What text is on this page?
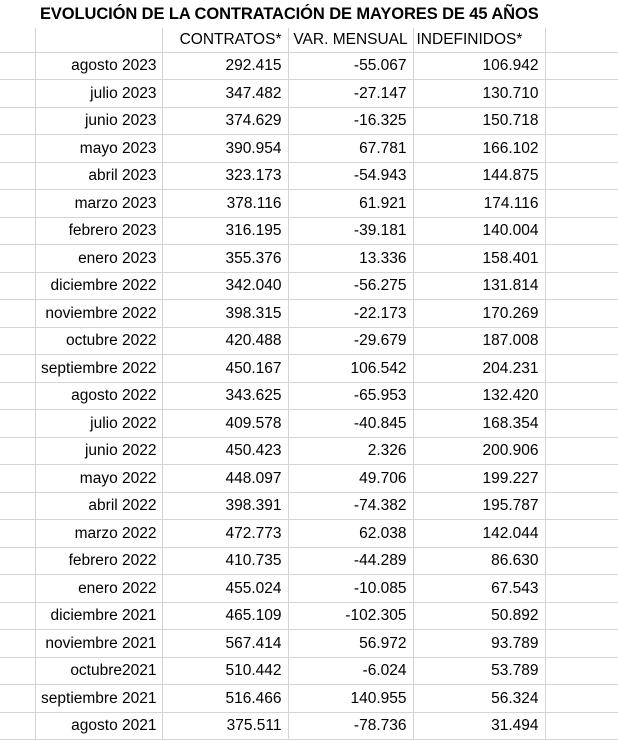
	EVOLUCIÓN DE LA CONTRATACIÓN DE MAYORES DE 45 AÑOS				
		CONTRATOS*	VAR. MENSUAL	INDEFINIDOS*	
	agosto 2023	292.415	-55.067	106.942	
	julio 2023	347.482	-27.147	130.710	
	junio 2023	374.629	-16.325	150.718	
	mayo 2023	390.954	67.781	166.102	
	abril 2023	323.173	-54.943	144.875	
	marzo 2023	378.116	61.921	174.116	
	febrero 2023	316.195	-39.181	140.004	
	enero 2023	355.376	13.336	158.401	
	diciembre 2022	342.040	-56.275	131.814	
	noviembre 2022	398.315	-22.173	170.269	
	octubre 2022	420.488	-29.679	187.008	
	septiembre 2022	450.167	106.542	204.231	
	agosto 2022	343.625	-65.953	132.420	
	julio 2022	409.578	-40.845	168.354	
	junio 2022	450.423	2.326	200.906	
	mayo 2022	448.097	49.706	199.227	
	abril 2022	398.391	-74.382	195.787	
	marzo 2022	472.773	62.038	142.044	
	febrero 2022	410.735	-44.289	86.630	
	enero 2022	455.024	-10.085	67.543	
	diciembre 2021	465.109	-102.305	50.892	
	noviembre 2021	567.414	56.972	93.789	
	octubre2021	510.442	-6.024	53.789	
	septiembre 2021	516.466	140.955	56.324	
	agosto 2021	375.511	-78.736	31.494	
